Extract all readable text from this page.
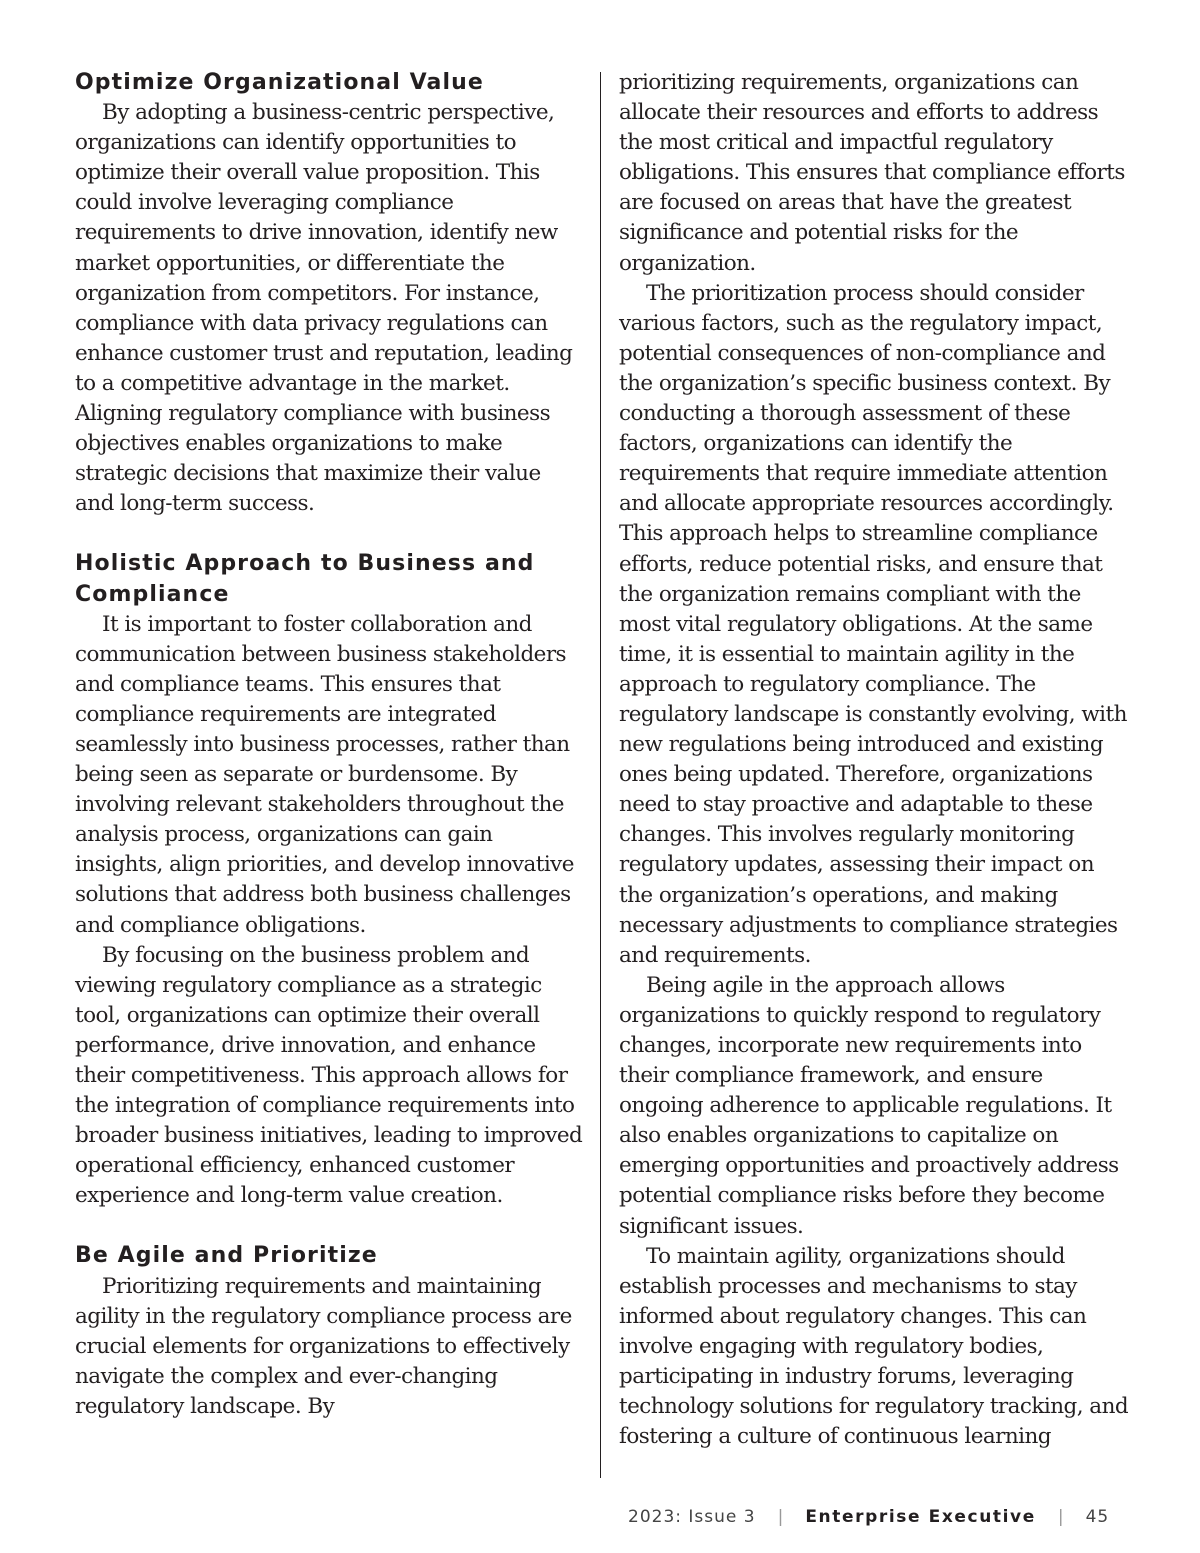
Optimize Organizational Value

By adopting a business-centric perspective, organizations can identify opportunities to optimize their overall value proposition. This could involve leveraging compliance requirements to drive innovation, identify new market opportunities, or differentiate the organization from competitors. For instance, compliance with data privacy regulations can enhance customer trust and reputation, leading to a competitive advantage in the market. Aligning regulatory compliance with business objectives enables organizations to make strategic decisions that maximize their value and long-term success.

Holistic Approach to Business and Compliance

It is important to foster collaboration and communication between business stakeholders and compliance teams. This ensures that compliance requirements are integrated seamlessly into business processes, rather than being seen as separate or burdensome. By involving relevant stakeholders throughout the analysis process, organizations can gain insights, align priorities, and develop innovative solutions that address both business challenges and compliance obligations.

By focusing on the business problem and viewing regulatory compliance as a strategic tool, organizations can optimize their overall performance, drive innovation, and enhance their competitiveness. This approach allows for the integration of compliance requirements into broader business initiatives, leading to improved operational efficiency, enhanced customer experience and long-term value creation.

Be Agile and Prioritize

Prioritizing requirements and maintaining agility in the regulatory compliance process are crucial elements for organizations to effectively navigate the complex and ever-changing regulatory landscape. By

prioritizing requirements, organizations can allocate their resources and efforts to address the most critical and impactful regulatory obligations. This ensures that compliance efforts are focused on areas that have the greatest significance and potential risks for the organization.

The prioritization process should consider various factors, such as the regulatory impact, potential consequences of non-compliance and the organization’s specific business context. By conducting a thorough assessment of these factors, organizations can identify the requirements that require immediate attention and allocate appropriate resources accordingly. This approach helps to streamline compliance efforts, reduce potential risks, and ensure that the organization remains compliant with the most vital regulatory obligations. At the same time, it is essential to maintain agility in the approach to regulatory compliance. The regulatory landscape is constantly evolving, with new regulations being introduced and existing ones being updated. Therefore, organizations need to stay proactive and adaptable to these changes. This involves regularly monitoring regulatory updates, assessing their impact on the organization’s operations, and making necessary adjustments to compliance strategies and requirements.

Being agile in the approach allows organizations to quickly respond to regulatory changes, incorporate new requirements into their compliance framework, and ensure ongoing adherence to applicable regulations. It also enables organizations to capitalize on emerging opportunities and proactively address potential compliance risks before they become significant issues.

To maintain agility, organizations should establish processes and mechanisms to stay informed about regulatory changes. This can involve engaging with regulatory bodies, participating in industry forums, leveraging technology solutions for regulatory tracking, and fostering a culture of continuous learning

2023: Issue 3 | Enterprise Executive | 45
